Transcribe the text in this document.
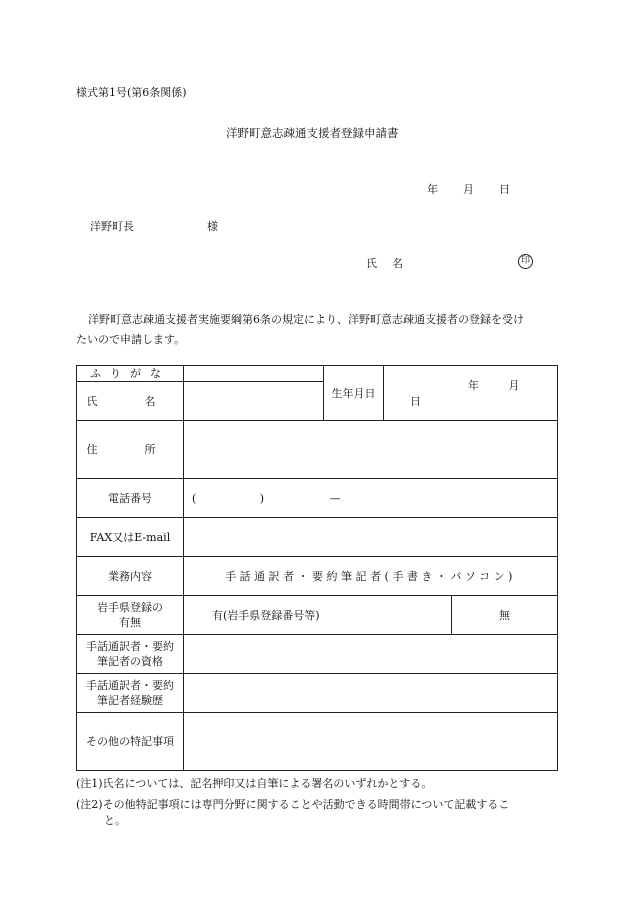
様式第1号(第6条関係)
洋野町意志疎通支援者登録申請書
年 月 日
洋野町長	様
氏　名	印
洋野町意志疎通支援者実施要綱第6条の規定により、洋野町意志疎通支援者の登録を受け
たいので申請します。
ふりがな		生年月日	年 月 日	
氏　名				
住　所				
電話番号	( ) —			
FAX又はE-mail				
業務内容	手話通訳者・要約筆記者(手書き・パソコン)			

岩手県登録の
有無	有(岩手県登録番号等)			無

手話通訳者・要約
筆記者の資格				

手話通訳者・要約
筆記者経験歴				

その他の特記事項				
(注1)氏名については、記名押印又は自筆による署名のいずれかとする。
(注2)その他特記事項には専門分野に関することや活動できる時間帯について記載するこ
と。
